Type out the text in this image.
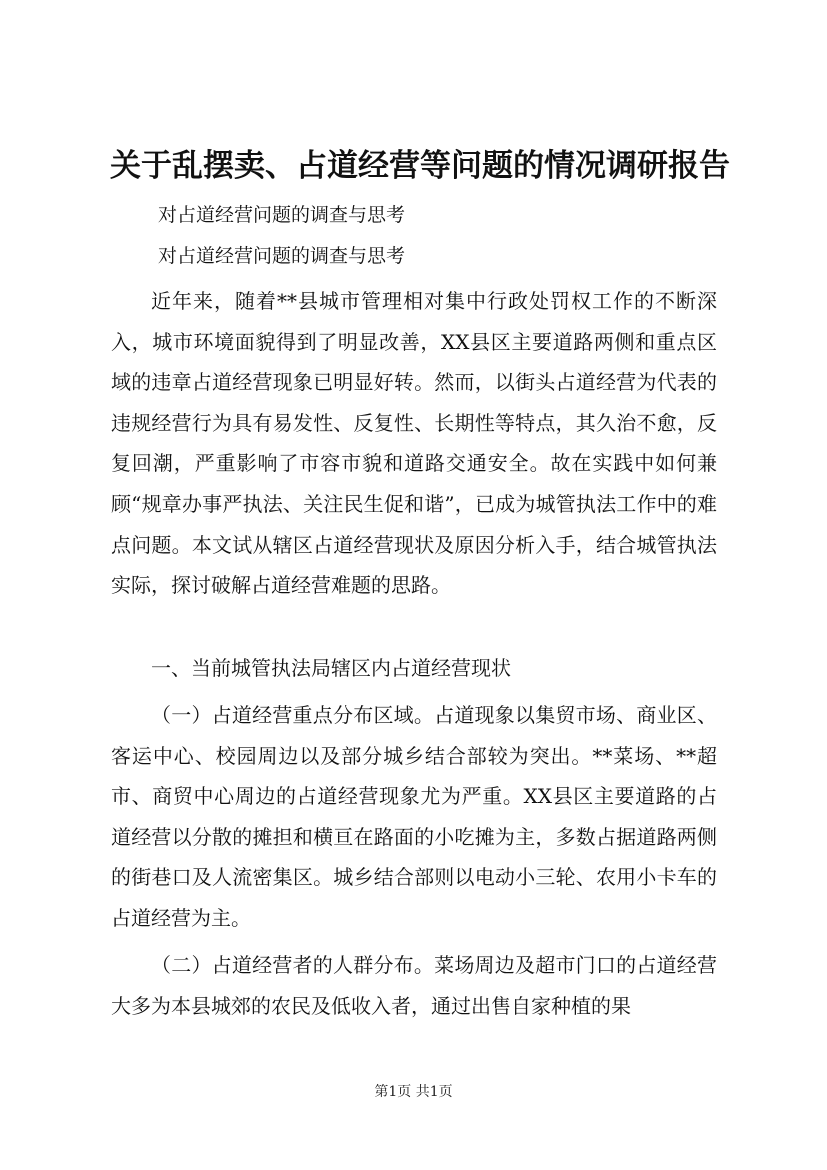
关于乱摆卖、占道经营等问题的情况调研报告
对占道经营问题的调查与思考
对占道经营问题的调查与思考

近年来，随着**县城市管理相对集中行政处罚权工作的不断深入，城市环境面貌得到了明显改善，XX县区主要道路两侧和重点区域的违章占道经营现象已明显好转。然而，以街头占道经营为代表的违规经营行为具有易发性、反复性、长期性等特点，其久治不愈，反复回潮，严重影响了市容市貌和道路交通安全。故在实践中如何兼顾“规章办事严执法、关注民生促和谐”，已成为城管执法工作中的难点问题。本文试从辖区占道经营现状及原因分析入手，结合城管执法实际，探讨破解占道经营难题的思路。

一、当前城管执法局辖区内占道经营现状

（一）占道经营重点分布区域。占道现象以集贸市场、商业区、客运中心、校园周边以及部分城乡结合部较为突出。**菜场、**超市、商贸中心周边的占道经营现象尤为严重。XX县区主要道路的占道经营以分散的摊担和横亘在路面的小吃摊为主，多数占据道路两侧的街巷口及人流密集区。城乡结合部则以电动小三轮、农用小卡车的占道经营为主。

（二）占道经营者的人群分布。菜场周边及超市门口的占道经营大多为本县城郊的农民及低收入者，通过出售自家种植的果

第1页 共1页
